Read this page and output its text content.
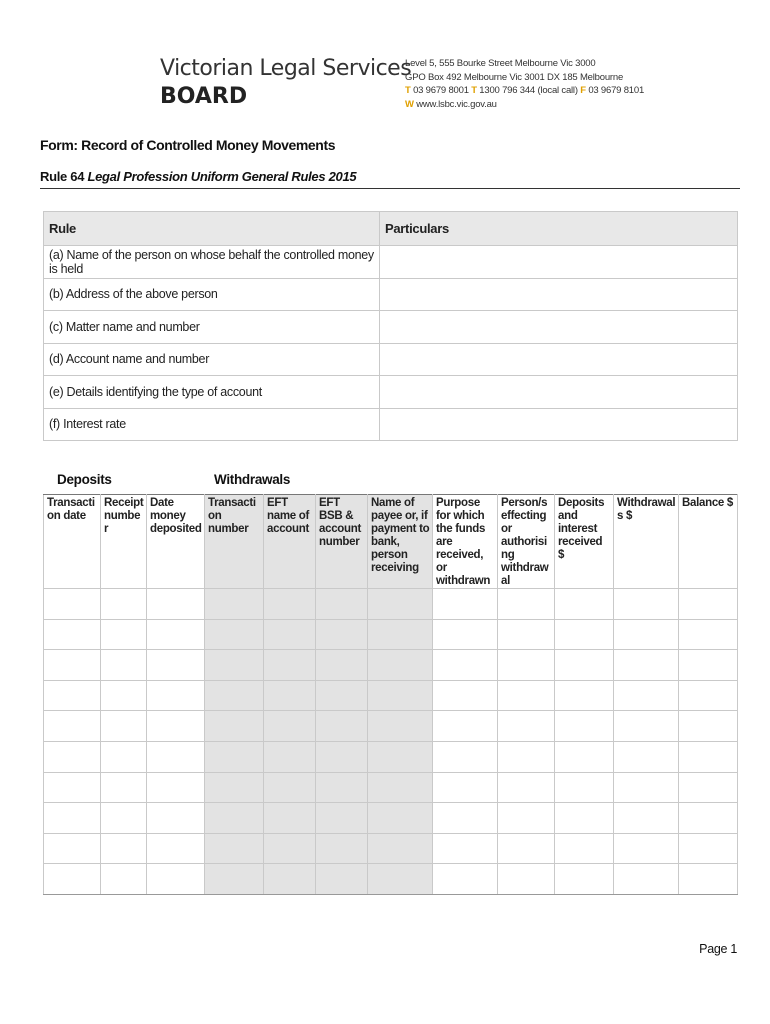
Victorian Legal Services
BOARD
Level 5, 555 Bourke Street Melbourne Vic 3000
GPO Box 492 Melbourne Vic 3001 DX 185 Melbourne
T 03 9679 8001 T 1300 796 344 (local call) F 03 9679 8101
W www.lsbc.vic.gov.au
Form: Record of Controlled Money Movements
Rule 64 Legal Profession Uniform General Rules 2015
Rule	Particulars
(a) Name of the person on whose behalf the controlled money is held	
(b) Address of the above person	
(c) Matter name and number	
(d) Account name and number	
(e) Details identifying the type of account	
(f) Interest rate	
Deposits	Withdrawals
Transaction date	Receipt number	Date money deposited	Transaction number	EFT name of account	EFT BSB & account number	Name of payee or, if payment to bank, person receiving	Purpose for which the funds are received, or withdrawn	Person/s effecting or authorising withdrawal	Deposits and interest received $	Withdrawals $	Balance $

Page 1
